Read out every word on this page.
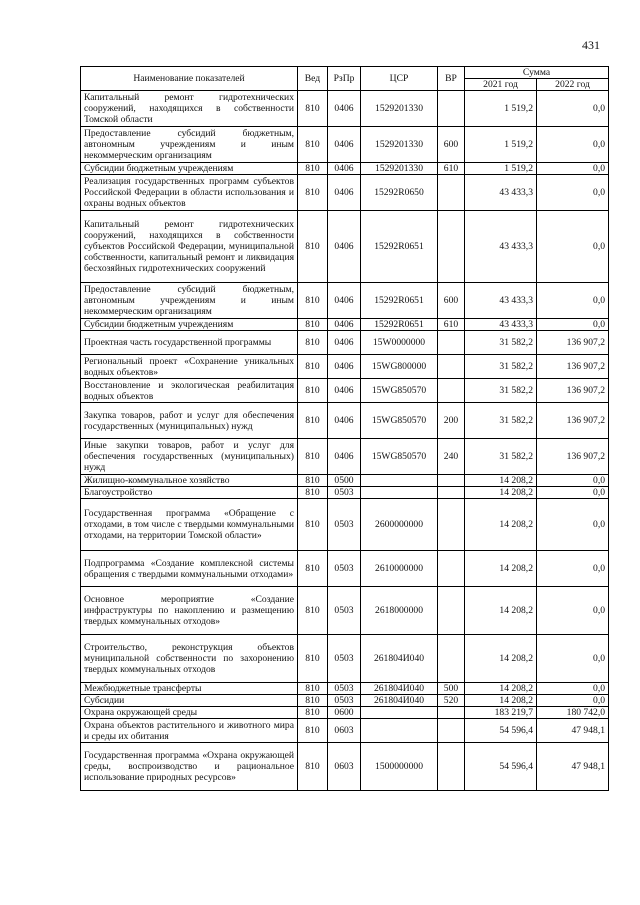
431
Наименование показателей	Вед	РзПр	ЦСР	ВР	Сумма	
					2021 год	2022 год
Капитальный ремонт гидротехнических сооружений, находящихся в собственности Томской области	810	0406	1529201330		1 519,2	0,0
Предоставление субсидий бюджетным, автономным учреждениям и иным некоммерческим организациям	810	0406	1529201330	600	1 519,2	0,0
Субсидии бюджетным учреждениям	810	0406	1529201330	610	1 519,2	0,0
Реализация государственных программ субъектов Российской Федерации в области использования и охраны водных объектов	810	0406	15292R0650		43 433,3	0,0
Капитальный ремонт гидротехнических сооружений, находящихся в собственности субъектов Российской Федерации, муниципальной собственности, капитальный ремонт и ликвидация бесхозяйных гидротехнических сооружений	810	0406	15292R0651		43 433,3	0,0
Предоставление субсидий бюджетным, автономным учреждениям и иным некоммерческим организациям	810	0406	15292R0651	600	43 433,3	0,0
Субсидии бюджетным учреждениям	810	0406	15292R0651	610	43 433,3	0,0
Проектная часть государственной программы	810	0406	15W0000000		31 582,2	136 907,2
Региональный проект «Сохранение уникальных водных объектов»	810	0406	15WG800000		31 582,2	136 907,2
Восстановление и экологическая реабилитация водных объектов	810	0406	15WG850570		31 582,2	136 907,2
Закупка товаров, работ и услуг для обеспечения государственных (муниципальных) нужд	810	0406	15WG850570	200	31 582,2	136 907,2
Иные закупки товаров, работ и услуг для обеспечения государственных (муниципальных) нужд	810	0406	15WG850570	240	31 582,2	136 907,2
Жилищно-коммунальное хозяйство	810	0500			14 208,2	0,0
Благоустройство	810	0503			14 208,2	0,0
Государственная программа «Обращение с отходами, в том числе с твердыми коммунальными отходами, на территории Томской области»	810	0503	2600000000		14 208,2	0,0
Подпрограмма «Создание комплексной системы обращения с твердыми коммунальными отходами»	810	0503	2610000000		14 208,2	0,0
Основное мероприятие «Создание инфраструктуры по накоплению и размещению твердых коммунальных отходов»	810	0503	2618000000		14 208,2	0,0
Строительство, реконструкция объектов муниципальной собственности по захоронению твердых коммунальных отходов	810	0503	261804И040		14 208,2	0,0
Межбюджетные трансферты	810	0503	261804И040	500	14 208,2	0,0
Субсидии	810	0503	261804И040	520	14 208,2	0,0
Охрана окружающей среды	810	0600			183 219,7	180 742,0
Охрана объектов растительного и животного мира и среды их обитания	810	0603			54 596,4	47 948,1
Государственная программа «Охрана окружающей среды, воспроизводство и рациональное использование природных ресурсов»	810	0603	1500000000		54 596,4	47 948,1
